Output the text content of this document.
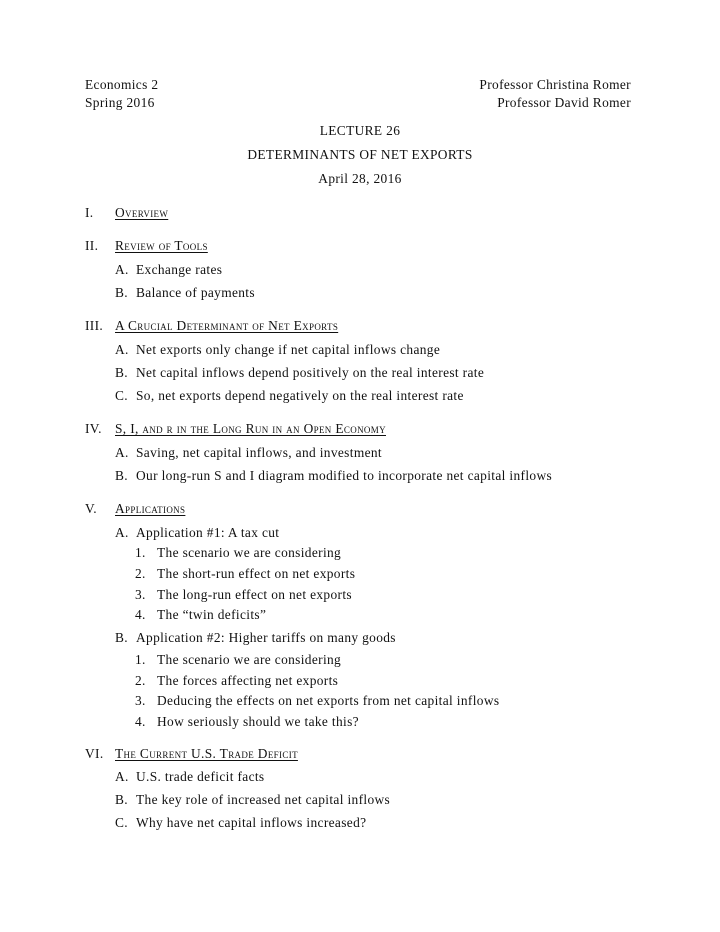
Economics 2
Spring 2016
Professor Christina Romer
Professor David Romer
LECTURE 26
DETERMINANTS OF NET EXPORTS
April 28, 2016
I. Overview
II. Review of Tools
A. Exchange rates
B. Balance of payments
III. A Crucial Determinant of Net Exports
A. Net exports only change if net capital inflows change
B. Net capital inflows depend positively on the real interest rate
C. So, net exports depend negatively on the real interest rate
IV. S, I, and r in the Long Run in an Open Economy
A. Saving, net capital inflows, and investment
B. Our long-run S and I diagram modified to incorporate net capital inflows
V. Applications
A. Application #1: A tax cut
1. The scenario we are considering
2. The short-run effect on net exports
3. The long-run effect on net exports
4. The “twin deficits”
B. Application #2: Higher tariffs on many goods
1. The scenario we are considering
2. The forces affecting net exports
3. Deducing the effects on net exports from net capital inflows
4. How seriously should we take this?
VI. The Current U.S. Trade Deficit
A. U.S. trade deficit facts
B. The key role of increased net capital inflows
C. Why have net capital inflows increased?
